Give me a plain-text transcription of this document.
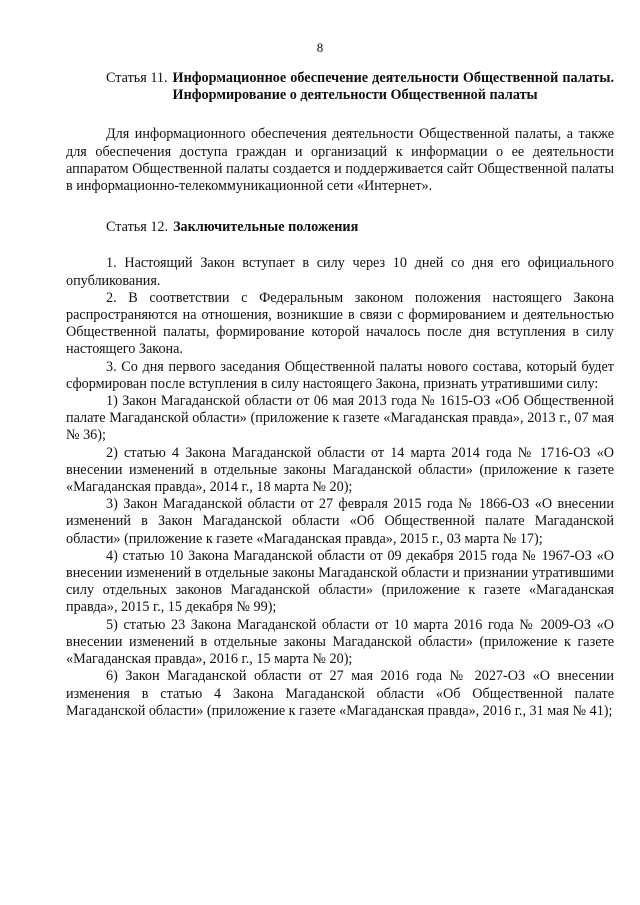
8
Статья 11. Информационное обеспечение деятельности Общественной палаты. Информирование о деятельности Общественной палаты

Для информационного обеспечения деятельности Общественной палаты, а также для обеспечения доступа граждан и организаций к информации о ее деятельности аппаратом Общественной палаты создается и поддерживается сайт Общественной палаты в информационно-телекоммуникационной сети «Интернет».

Статья 12. Заключительные положения

1. Настоящий Закон вступает в силу через 10 дней со дня его официального опубликования.

2. В соответствии с Федеральным законом положения настоящего Закона распространяются на отношения, возникшие в связи с формированием и деятельностью Общественной палаты, формирование которой началось после дня вступления в силу настоящего Закона.

3. Со дня первого заседания Общественной палаты нового состава, который будет сформирован после вступления в силу настоящего Закона, признать утратившими силу:

1) Закон Магаданской области от 06 мая 2013 года № 1615-ОЗ «Об Общественной палате Магаданской области» (приложение к газете «Магаданская правда», 2013 г., 07 мая № 36);

2) статью 4 Закона Магаданской области от 14 марта 2014 года № 1716-ОЗ «О внесении изменений в отдельные законы Магаданской области» (приложение к газете «Магаданская правда», 2014 г., 18 марта № 20);

3) Закон Магаданской области от 27 февраля 2015 года № 1866-ОЗ «О внесении изменений в Закон Магаданской области «Об Общественной палате Магаданской области» (приложение к газете «Магаданская правда», 2015 г., 03 марта № 17);

4) статью 10 Закона Магаданской области от 09 декабря 2015 года № 1967-ОЗ «О внесении изменений в отдельные законы Магаданской области и признании утратившими силу отдельных законов Магаданской области» (приложение к газете «Магаданская правда», 2015 г., 15 декабря № 99);

5) статью 23 Закона Магаданской области от 10 марта 2016 года № 2009-ОЗ «О внесении изменений в отдельные законы Магаданской области» (приложение к газете «Магаданская правда», 2016 г., 15 марта № 20);

6) Закон Магаданской области от 27 мая 2016 года № 2027-ОЗ «О внесении изменения в статью 4 Закона Магаданской области «Об Общественной палате Магаданской области» (приложение к газете «Магаданская правда», 2016 г., 31 мая № 41);
